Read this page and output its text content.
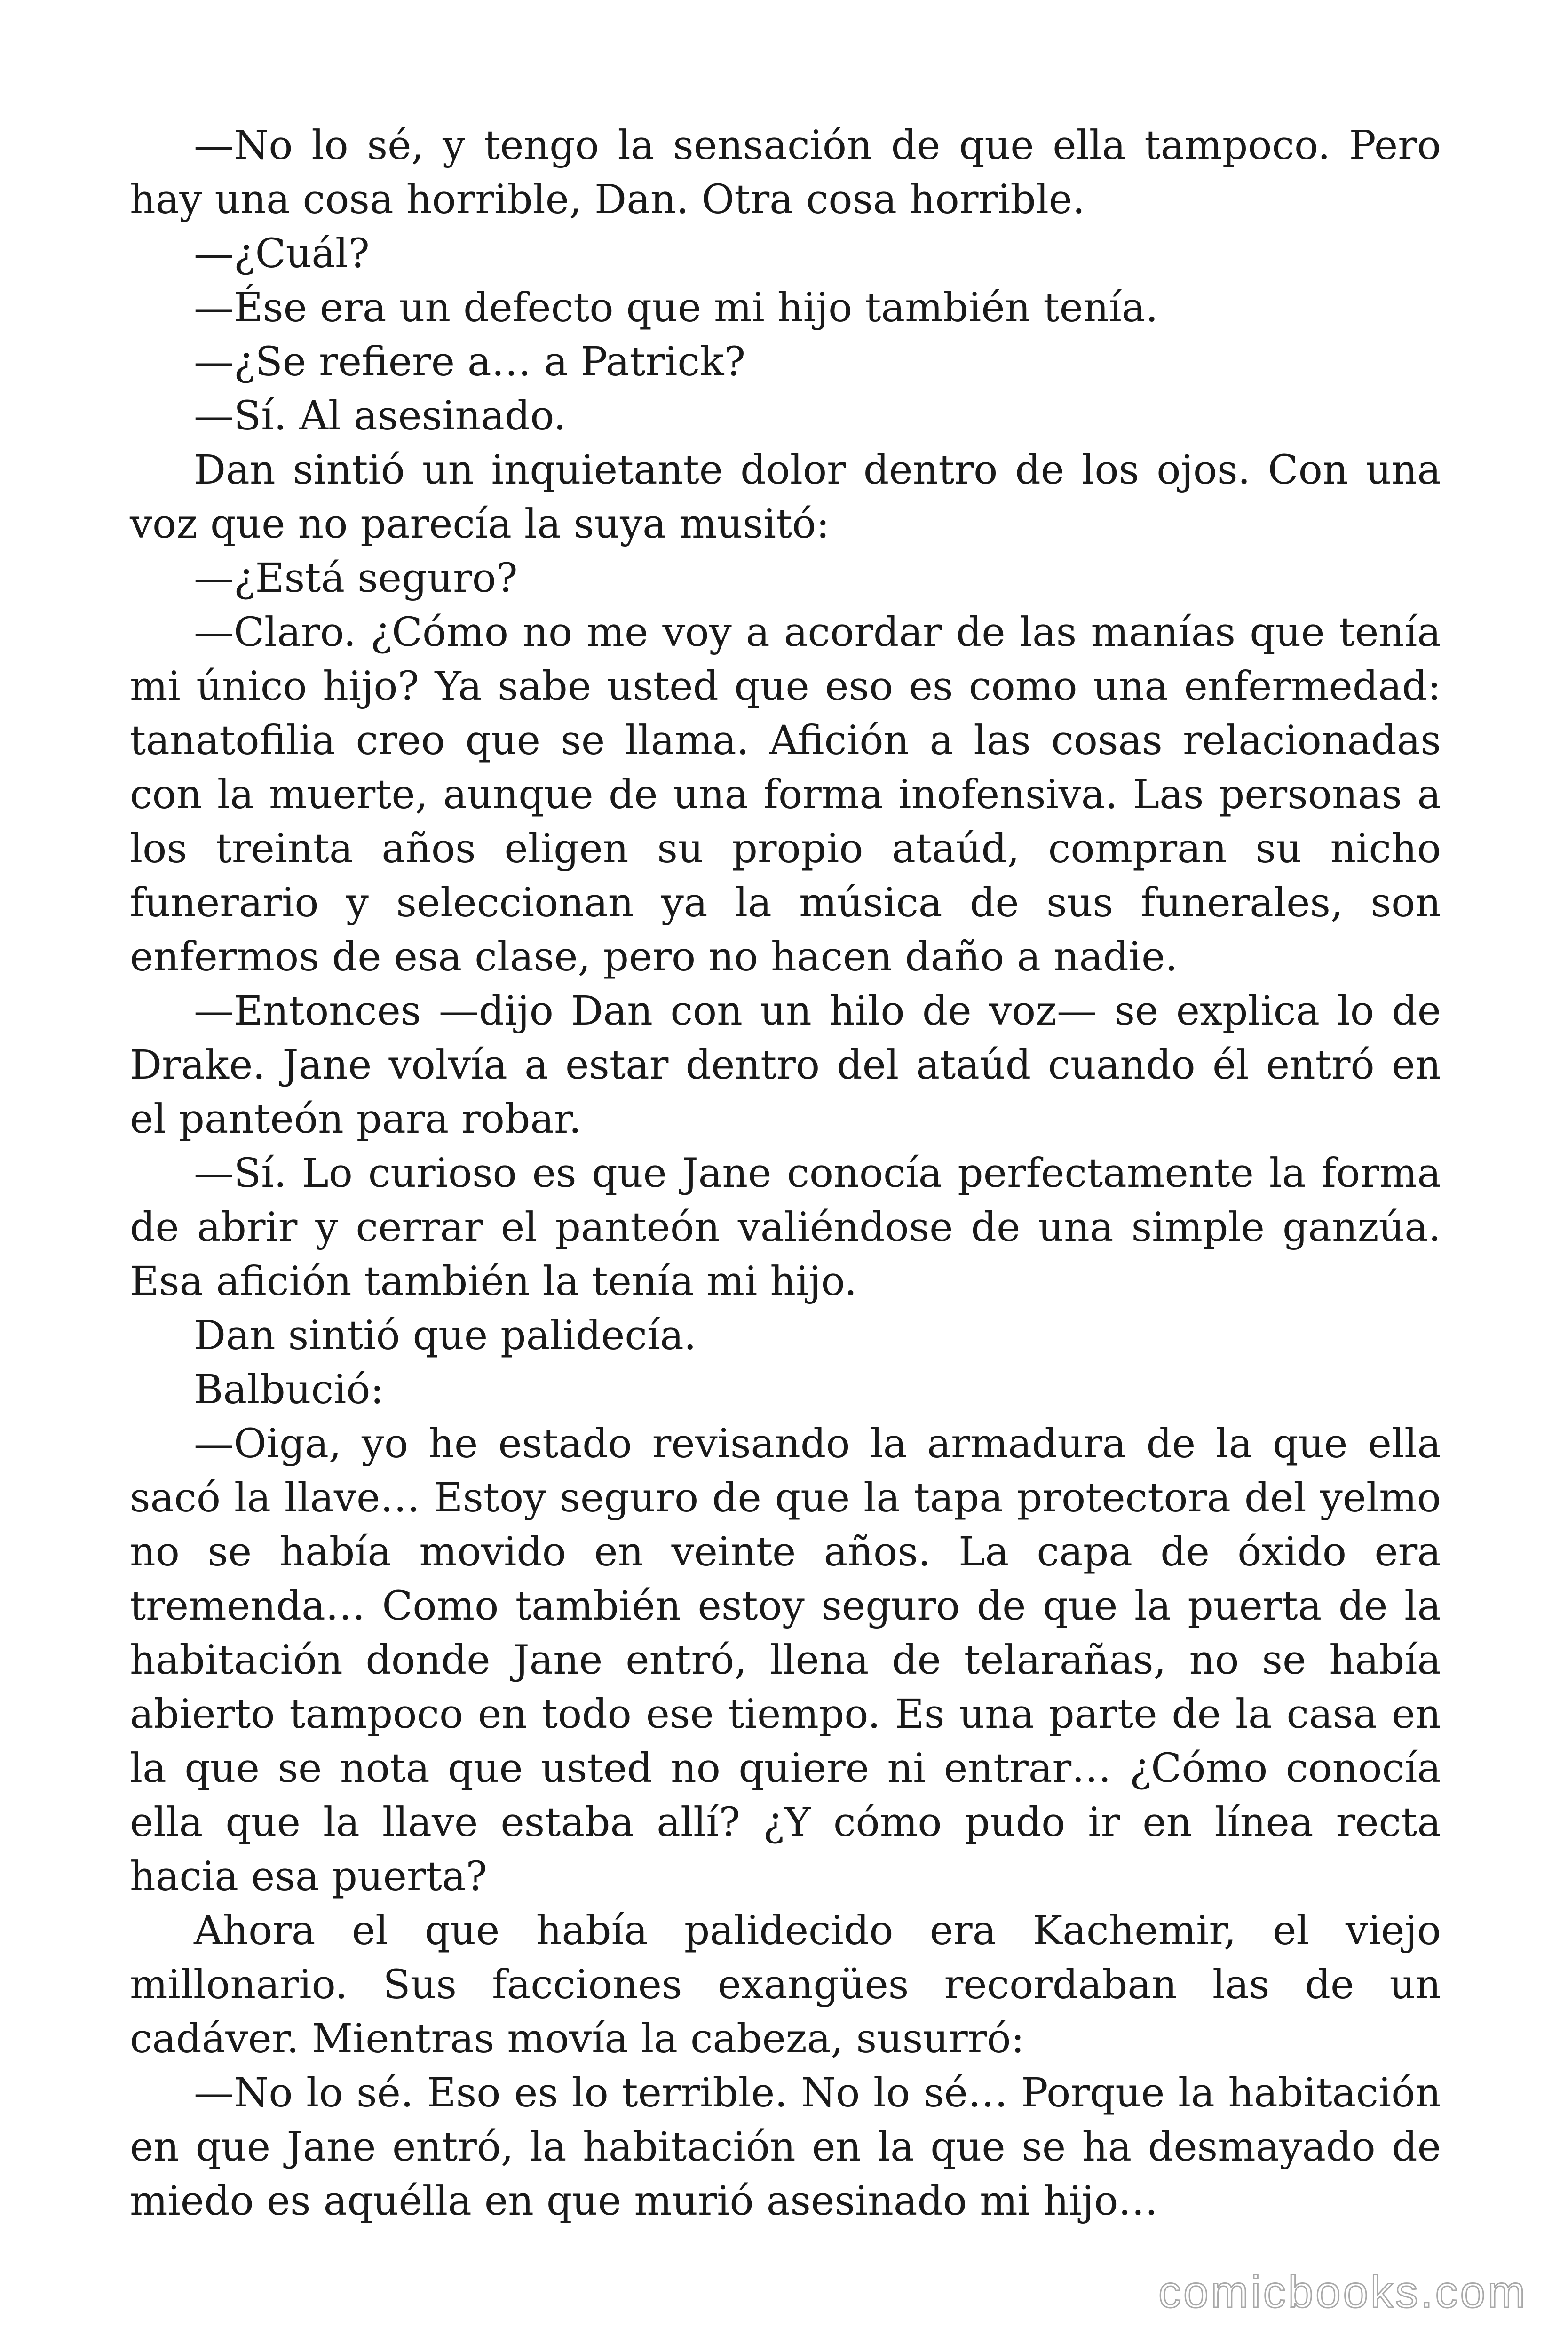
—No lo sé, y tengo la sensación de que ella tampoco. Pero hay una cosa horrible, Dan. Otra cosa horrible.

—¿Cuál?

—Ése era un defecto que mi hijo también tenía.

—¿Se refiere a… a Patrick?

—Sí. Al asesinado.

Dan sintió un inquietante dolor dentro de los ojos. Con una voz que no parecía la suya musitó:

—¿Está seguro?

—Claro. ¿Cómo no me voy a acordar de las manías que tenía mi único hijo? Ya sabe usted que eso es como una enfermedad: tanatofilia creo que se llama. Afición a las cosas relacionadas con la muerte, aunque de una forma inofensiva. Las personas a los treinta años eligen su propio ataúd, compran su nicho funerario y seleccionan ya la música de sus funerales, son enfermos de esa clase, pero no hacen daño a nadie.

—Entonces —dijo Dan con un hilo de voz— se explica lo de Drake. Jane volvía a estar dentro del ataúd cuando él entró en el panteón para robar.

—Sí. Lo curioso es que Jane conocía perfectamente la forma de abrir y cerrar el panteón valiéndose de una simple ganzúa. Esa afición también la tenía mi hijo.

Dan sintió que palidecía.

Balbució:

—Oiga, yo he estado revisando la armadura de la que ella sacó la llave… Estoy seguro de que la tapa protectora del yelmo no se había movido en veinte años. La capa de óxido era tremenda… Como también estoy seguro de que la puerta de la habitación donde Jane entró, llena de telarañas, no se había abierto tampoco en todo ese tiempo. Es una parte de la casa en la que se nota que usted no quiere ni entrar… ¿Cómo conocía ella que la llave estaba allí? ¿Y cómo pudo ir en línea recta hacia esa puerta?

Ahora el que había palidecido era Kachemir, el viejo millonario. Sus facciones exangües recordaban las de un cadáver. Mientras movía la cabeza, susurró:

—No lo sé. Eso es lo terrible. No lo sé… Porque la habitación en que Jane entró, la habitación en la que se ha desmayado de miedo es aquélla en que murió asesinado mi hijo…

comicbooks.com
